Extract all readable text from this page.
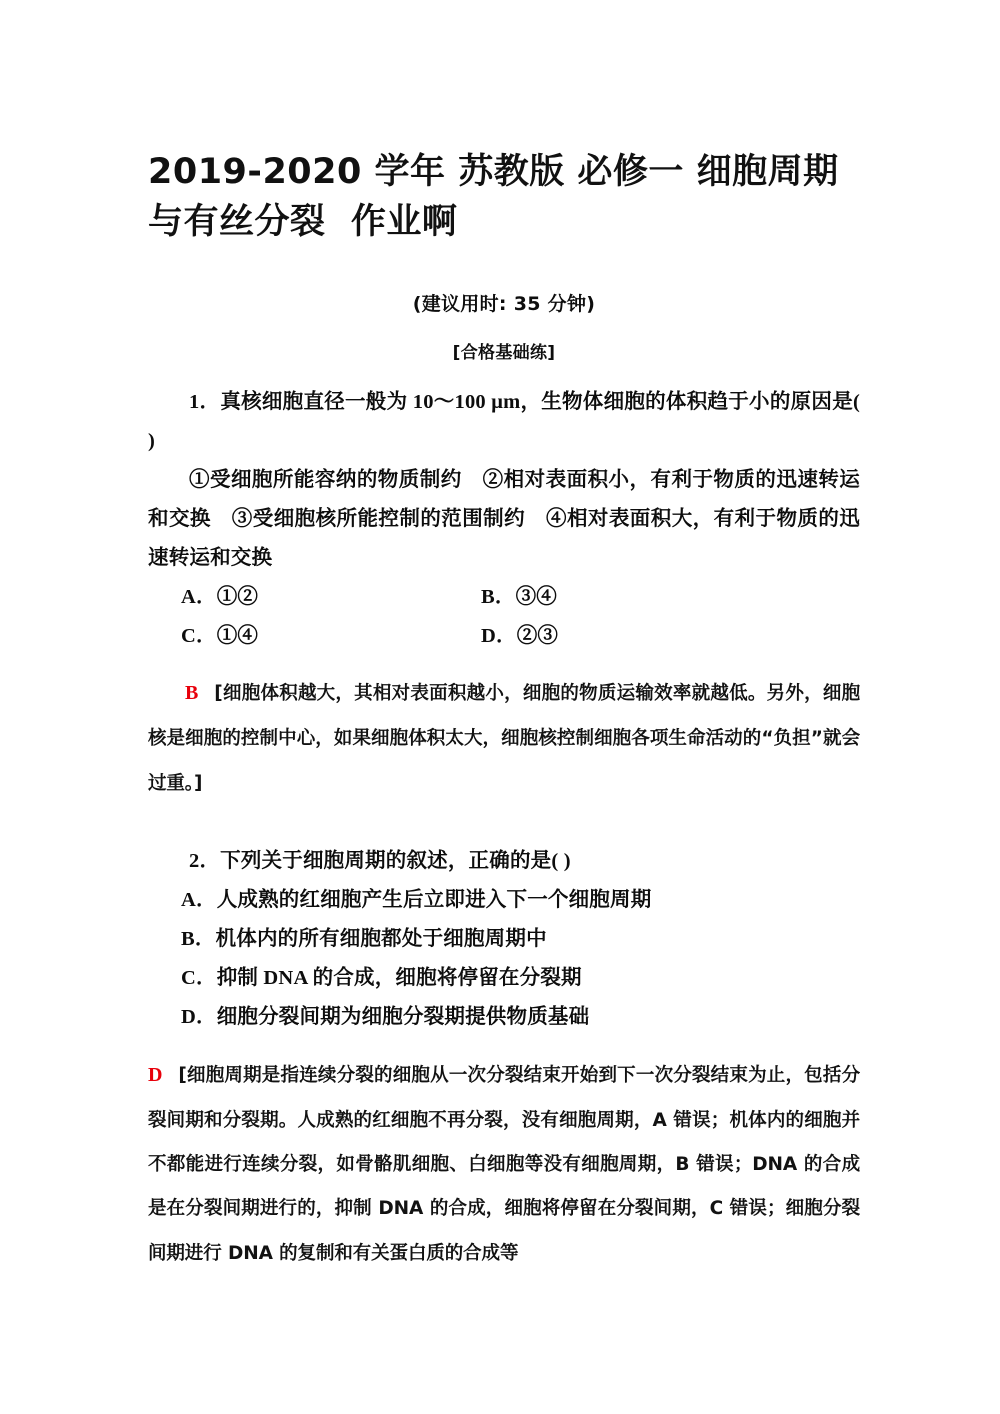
2019-2020 学年 苏教版 必修一 细胞周期与有丝分裂  作业啊

(建议用时: 35 分钟)

[合格基础练]

1．真核细胞直径一般为 10～100 μm，生物体细胞的体积趋于小的原因是( )

①受细胞所能容纳的物质制约　②相对表面积小，有利于物质的迅速转运和交换　③受细胞核所能控制的范围制约　④相对表面积大，有利于物质的迅速转运和交换

A．①②	B．③④
C．①④	D．②③
B [细胞体积越大，其相对表面积越小，细胞的物质运输效率就越低。另外，细胞核是细胞的控制中心，如果细胞体积太大，细胞核控制细胞各项生命活动的“负担”就会过重。]

2．下列关于细胞周期的叙述，正确的是( )

A．人成熟的红细胞产生后立即进入下一个细胞周期
B．机体内的所有细胞都处于细胞周期中
C．抑制 DNA 的合成，细胞将停留在分裂期
D．细胞分裂间期为细胞分裂期提供物质基础
D [细胞周期是指连续分裂的细胞从一次分裂结束开始到下一次分裂结束为止，包括分裂间期和分裂期。人成熟的红细胞不再分裂，没有细胞周期，A 错误；机体内的细胞并不都能进行连续分裂，如骨骼肌细胞、白细胞等没有细胞周期，B 错误；DNA 的合成是在分裂间期进行的，抑制 DNA 的合成，细胞将停留在分裂间期，C 错误；细胞分裂间期进行 DNA 的复制和有关蛋白质的合成等
